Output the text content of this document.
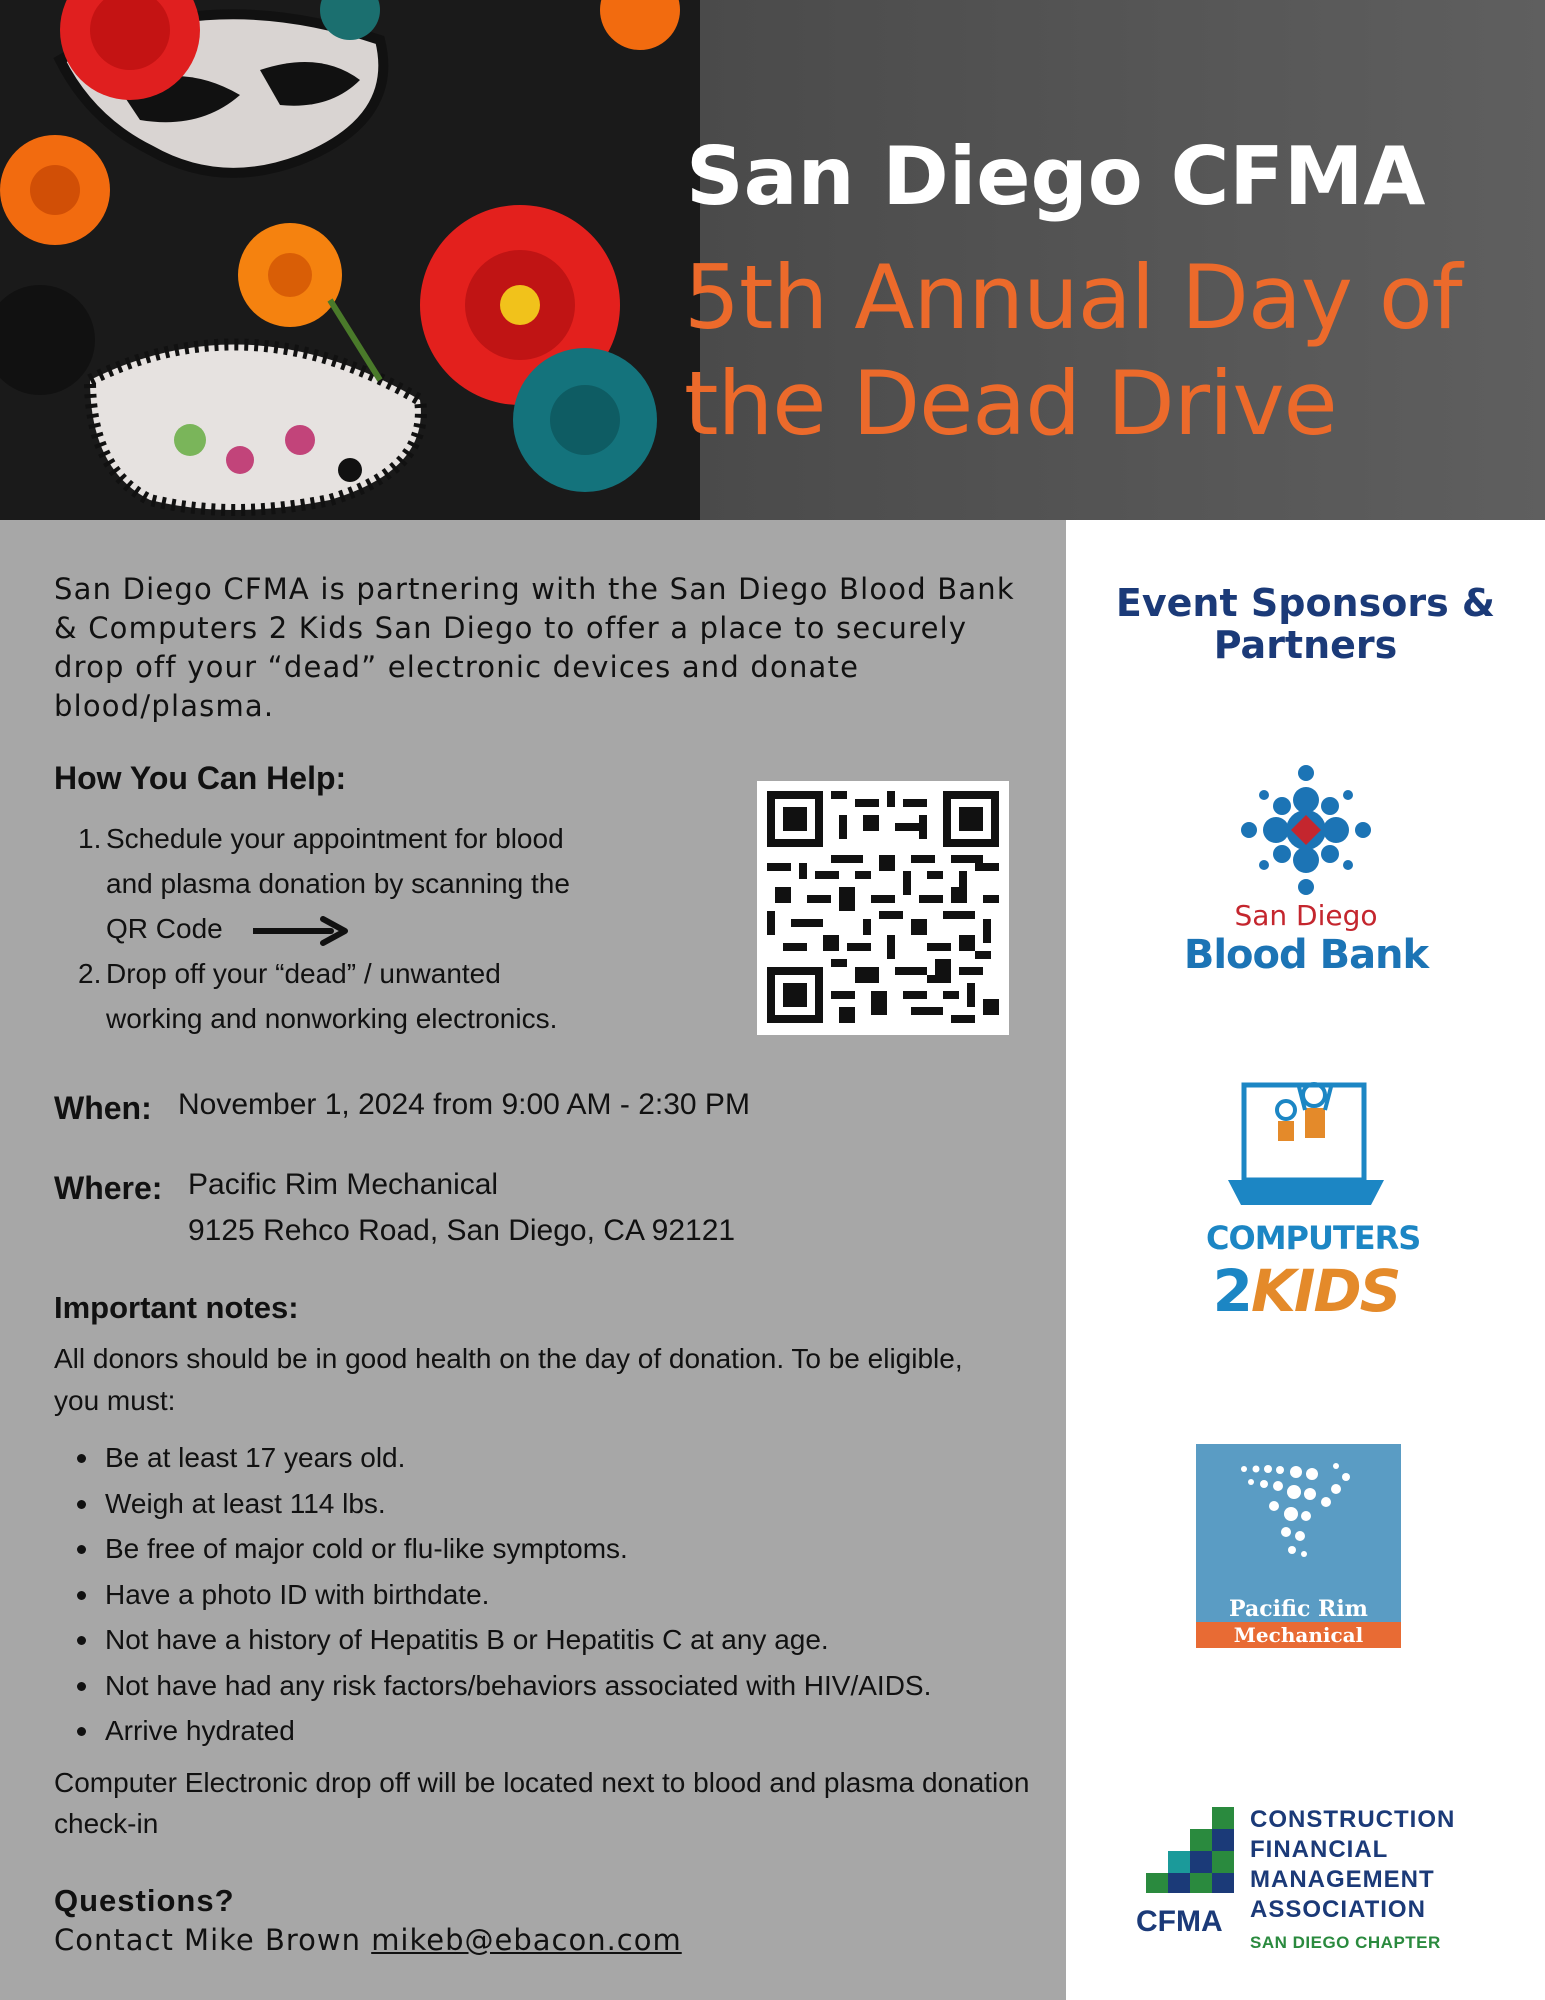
San Diego CFMA
5th Annual Day of the Dead Drive

San Diego CFMA is partnering with the San Diego Blood Bank & Computers 2 Kids San Diego to offer a place to securely drop off your “dead” electronic devices and donate blood/plasma.

How You Can Help:
1. Schedule your appointment for blood
and plasma donation by scanning the
QR Code
2. Drop off your “dead” / unwanted
working and nonworking electronics.
When: November 1, 2024 from 9:00 AM - 2:30 PM
Where: Pacific Rim Mechanical
9125 Rehco Road, San Diego, CA 92121
Important notes:

All donors should be in good health on the day of donation. To be eligible, you must:

Be at least 17 years old.
Weigh at least 114 lbs.
Be free of major cold or flu-like symptoms.
Have a photo ID with birthdate.
Not have a history of Hepatitis B or Hepatitis C at any age.
Not have had any risk factors/behaviors associated with HIV/AIDS.
Arrive hydrated

Computer Electronic drop off will be located next to blood and plasma donation check-in

Questions?
Contact Mike Brown mikeb@ebacon.com
Event Sponsors & Partners
San Diego
Blood Bank
COMPUTERS
2KIDS
Pacific Rim
Mechanical
CFMA
CONSTRUCTION
FINANCIAL
MANAGEMENT
ASSOCIATION
SAN DIEGO CHAPTER
